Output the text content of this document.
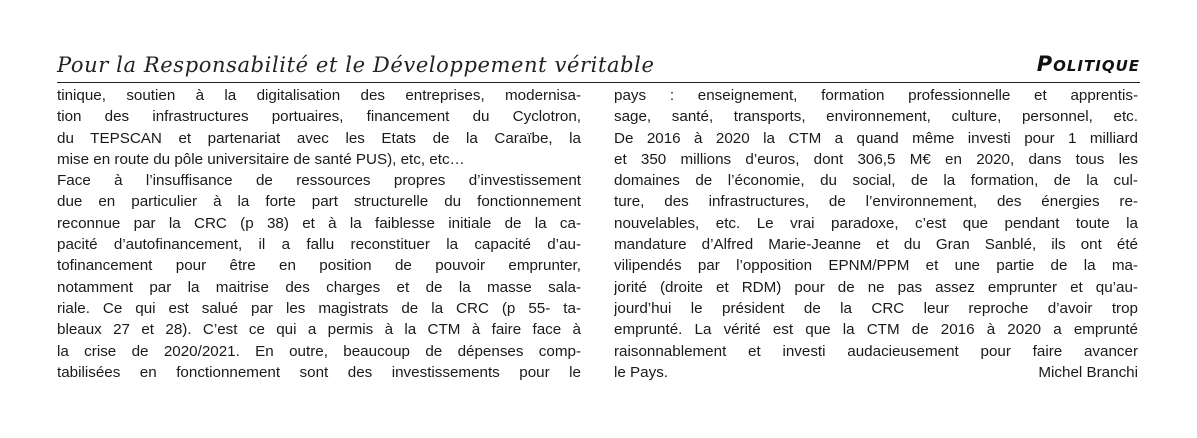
Pour la Responsabilité et le Développement véritable	Politique
tinique, soutien à la digitalisation des entreprises, modernisa-
tion des infrastructures portuaires, financement du Cyclotron,
du TEPSCAN et partenariat avec les Etats de la Caraïbe, la
mise en route du pôle universitaire de santé PUS), etc, etc…
Face à l’insuffisance de ressources propres d’investissement
due en particulier à la forte part structurelle du fonctionnement
reconnue par la CRC (p 38) et à la faiblesse initiale de la ca-
pacité d’autofinancement, il a fallu reconstituer la capacité d’au-
tofinancement pour être en position de pouvoir emprunter,
notamment par la maitrise des charges et de la masse sala-
riale. Ce qui est salué par les magistrats de la CRC (p 55- ta-
bleaux 27 et 28). C’est ce qui a permis à la CTM à faire face à
la crise de 2020/2021. En outre, beaucoup de dépenses comp-
tabilisées en fonctionnement sont des investissements pour le
pays : enseignement, formation professionnelle et apprentis-
sage, santé, transports, environnement, culture, personnel, etc.
De 2016 à 2020 la CTM a quand même investi pour 1 milliard
et 350 millions d’euros, dont 306,5 M€ en 2020, dans tous les
domaines de l’économie, du social, de la formation, de la cul-
ture, des infrastructures, de l’environnement, des énergies re-
nouvelables, etc. Le vrai paradoxe, c’est que pendant toute la
mandature d’Alfred Marie-Jeanne et du Gran Sanblé, ils ont été
vilipendés par l’opposition EPNM/PPM et une partie de la ma-
jorité (droite et RDM) pour de ne pas assez emprunter et qu’au-
jourd’hui le président de la CRC leur reproche d’avoir trop
emprunté. La vérité est que la CTM de 2016 à 2020 a emprunté
raisonnablement et investi audacieusement pour faire avancer
le Pays.	Michel Branchi
